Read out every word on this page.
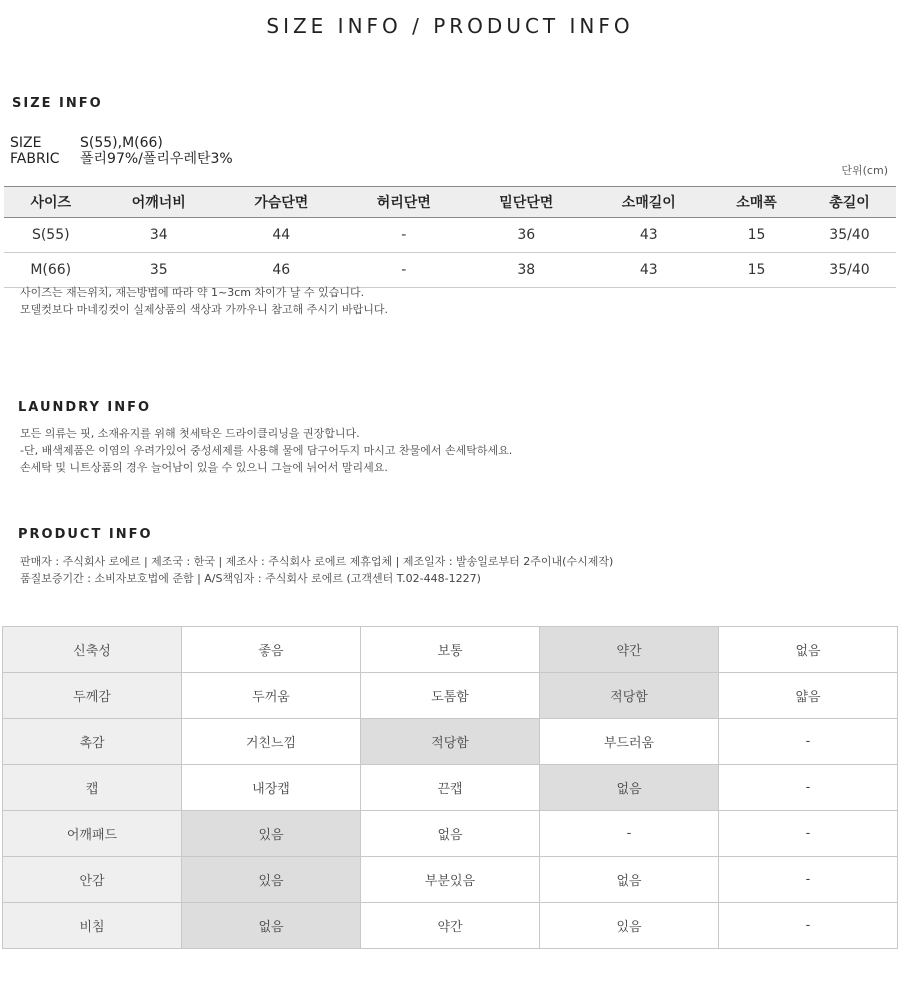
SIZE INFO / PRODUCT INFO
SIZE INFO
SIZE	S(55),M(66)
FABRIC 폴리97%/폴리우레탄3%
단위(cm)
사이즈	어깨너비	가슴단면	허리단면	밑단단면	소매길이	소매폭	총길이
S(55)	34	44	-	36	43	15	35/40
M(66)	35	46	-	38	43	15	35/40
사이즈는 재는위치, 재는방법에 따라 약 1~3cm 차이가 날 수 있습니다.
모델컷보다 마네킹컷이 실제상품의 색상과 가까우니 참고해 주시기 바랍니다.
LAUNDRY INFO
모든 의류는 핏, 소재유지를 위해 첫세탁은 드라이클리닝을 권장합니다.
-단, 배색제품은 이염의 우려가있어 중성세제를 사용해 물에 담구어두지 마시고 찬물에서 손세탁하세요.
손세탁 및 니트상품의 경우 늘어남이 있을 수 있으니 그늘에 뉘어서 말리세요.
PRODUCT INFO
판매자 : 주식회사 로에르 | 제조국 : 한국 | 제조사 : 주식회사 로에르 제휴업체 | 제조일자 : 발송일로부터 2주이내(수시제작)
품질보증기간 : 소비자보호법에 준함 | A/S책임자 : 주식회사 로에르 (고객센터 T.02-448-1227)
신축성	좋음	보통	약간	없음
두께감	두꺼움	도톰함	적당함	얇음
촉감	거친느낌	적당함	부드러움	-
캡	내장캡	끈캡	없음	-
어깨패드	있음	없음	-	-
안감	있음	부분있음	없음	-
비침	없음	약간	있음	-
